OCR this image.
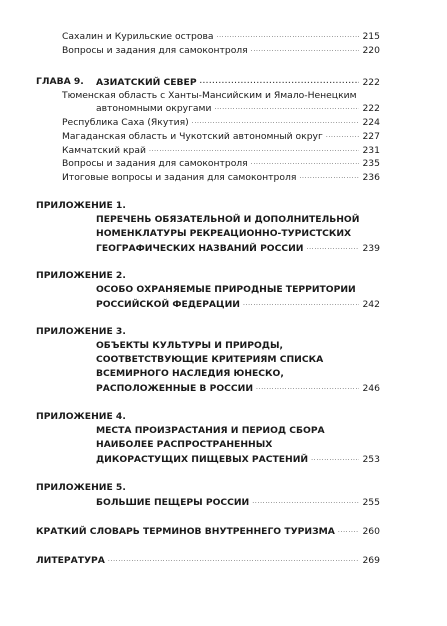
Сахалин и Курильские острова . . .	215
Вопросы и задания для самоконтроля . . .	220
ГЛАВА 9. АЗИАТСКИЙ СЕВЕР . . .	222
Тюменская область с Ханты-Мансийским и Ямало-Ненецким
автономными округами . . .	222
Республика Саха (Якутия) . . .	224
Магаданская область и Чукотский автономный округ . . .	227
Камчатский край . . .	231
Вопросы и задания для самоконтроля . . .	235
Итоговые вопросы и задания для самоконтроля . . .	236
ПРИЛОЖЕНИЕ 1.
ПЕРЕЧЕНЬ ОБЯЗАТЕЛЬНОЙ И ДОПОЛНИТЕЛЬНОЙ
НОМЕНКЛАТУРЫ РЕКРЕАЦИОННО-ТУРИСТСКИХ
ГЕОГРАФИЧЕСКИХ НАЗВАНИЙ РОССИИ . . .	239
ПРИЛОЖЕНИЕ 2.
ОСОБО ОХРАНЯЕМЫЕ ПРИРОДНЫЕ ТЕРРИТОРИИ
РОССИЙСКОЙ ФЕДЕРАЦИИ . . .	242
ПРИЛОЖЕНИЕ 3.
ОБЪЕКТЫ КУЛЬТУРЫ И ПРИРОДЫ,
СООТВЕТСТВУЮЩИЕ КРИТЕРИЯМ СПИСКА
ВСЕМИРНОГО НАСЛЕДИЯ ЮНЕСКО,
РАСПОЛОЖЕННЫЕ В РОССИИ . . .	246
ПРИЛОЖЕНИЕ 4.
МЕСТА ПРОИЗРАСТАНИЯ И ПЕРИОД СБОРА
НАИБОЛЕЕ РАСПРОСТРАНЕННЫХ
ДИКОРАСТУЩИХ ПИЩЕВЫХ РАСТЕНИЙ . . .	253
ПРИЛОЖЕНИЕ 5.
БОЛЬШИЕ ПЕЩЕРЫ РОССИИ . . .	255
КРАТКИЙ СЛОВАРЬ ТЕРМИНОВ ВНУТРЕННЕГО ТУРИЗМА . . .	260
ЛИТЕРАТУРА . . .	269
